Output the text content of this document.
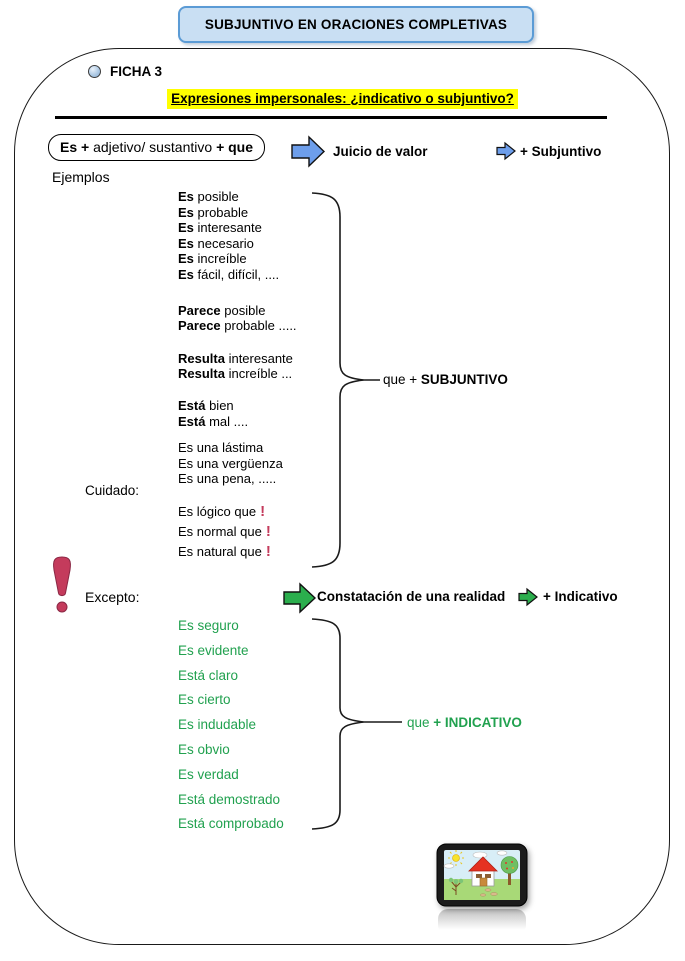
SUBJUNTIVO EN ORACIONES COMPLETIVAS
FICHA 3
Expresiones impersonales: ¿indicativo o subjuntivo?
Es + adjetivo/ sustantivo + que	Juicio de valor	+ Subjuntivo
Ejemplos
Es posible
Es probable
Es interesante
Es necesario
Es increíble
Es fácil, difícil, ....
Parece posible
Parece probable .....
Resulta interesante
Resulta increíble ...
Está bien
Está mal ....
Es una lástima
Es una vergüenza
Es una pena, .....
Es lógico que !
Es normal que !
Es natural que !
Cuidado:
que + SUBJUNTIVO
Excepto:	Constatación de una realidad	+ Indicativo
Es seguro
Es evidente
Está claro
Es cierto
Es indudable
Es obvio
Es verdad
Está demostrado
Está comprobado
que + INDICATIVO
